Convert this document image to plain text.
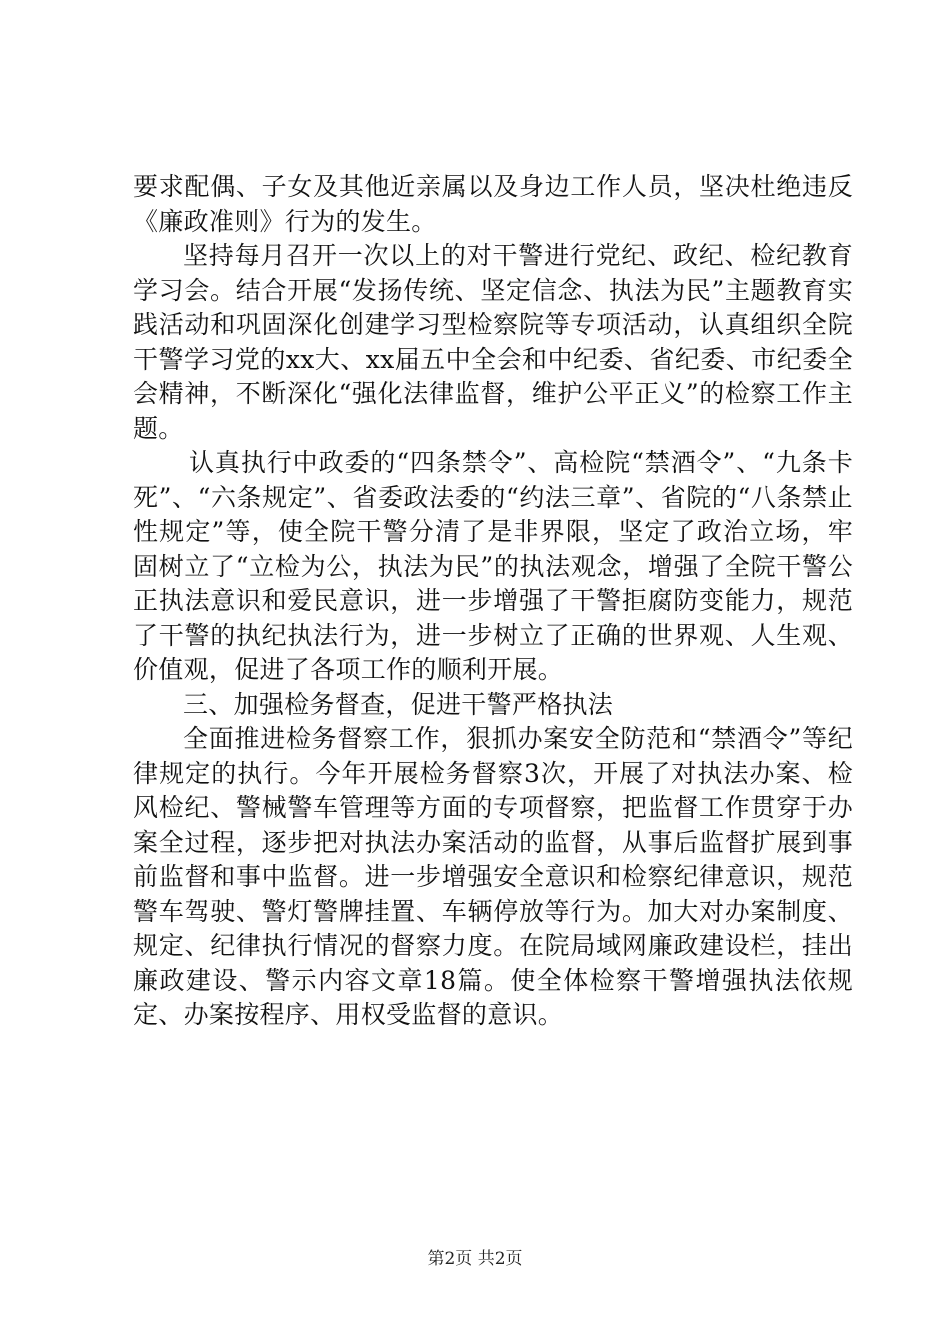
要求配偶、子女及其他近亲属以及身边工作人员，坚决杜绝违反《廉政准则》行为的发生。

坚持每月召开一次以上的对干警进行党纪、政纪、检纪教育学习会。结合开展“发扬传统、坚定信念、执法为民”主题教育实践活动和巩固深化创建学习型检察院等专项活动，认真组织全院干警学习党的xx大、xx届五中全会和中纪委、省纪委、市纪委全会精神，不断深化“强化法律监督，维护公平正义”的检察工作主题。

认真执行中政委的“四条禁令”、高检院“禁酒令”、“九条卡死”、“六条规定”、省委政法委的“约法三章”、省院的“八条禁止性规定”等，使全院干警分清了是非界限，坚定了政治立场，牢固树立了“立检为公，执法为民”的执法观念，增强了全院干警公正执法意识和爱民意识，进一步增强了干警拒腐防变能力，规范了干警的执纪执法行为，进一步树立了正确的世界观、人生观、价值观，促进了各项工作的顺利开展。

三、加强检务督查，促进干警严格执法

全面推进检务督察工作，狠抓办案安全防范和“禁酒令”等纪律规定的执行。今年开展检务督察3次，开展了对执法办案、检风检纪、警械警车管理等方面的专项督察，把监督工作贯穿于办案全过程，逐步把对执法办案活动的监督，从事后监督扩展到事前监督和事中监督。进一步增强安全意识和检察纪律意识，规范警车驾驶、警灯警牌挂置、车辆停放等行为。加大对办案制度、规定、纪律执行情况的督察力度。在院局域网廉政建设栏，挂出廉政建设、警示内容文章18篇。使全体检察干警增强执法依规定、办案按程序、用权受监督的意识。

第2页 共2页
